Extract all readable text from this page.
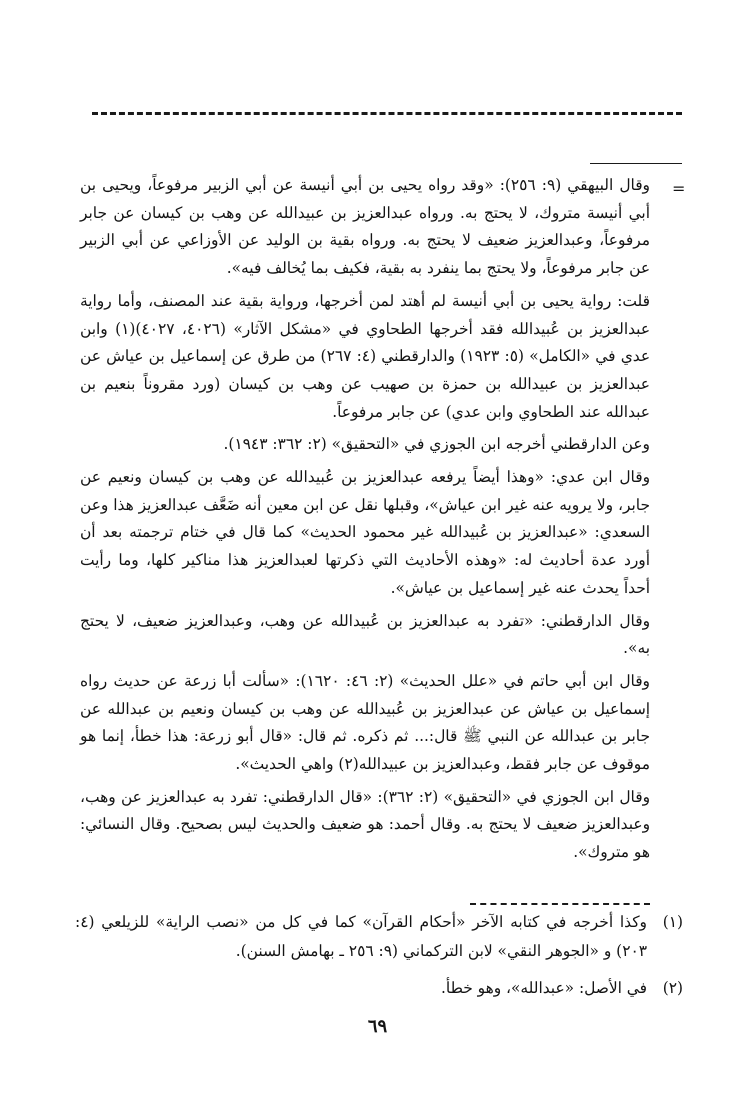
=

وقال البيهقي (٩: ٢٥٦): «وقد رواه يحيى بن أبي أنيسة عن أبي الزبير مرفوعاً، ويحيى بن أبي أنيسة متروك، لا يحتج به. ورواه عبدالعزيز بن عبيدالله عن وهب بن كيسان عن جابر مرفوعاً، وعبدالعزيز ضعيف لا يحتج به. ورواه بقية بن الوليد عن الأوزاعي عن أبي الزبير عن جابر مرفوعاً، ولا يحتج بما ينفرد به بقية، فكيف بما يُخالف فيه».

قلت: رواية يحيى بن أبي أنيسة لم أهتد لمن أخرجها، ورواية بقية عند المصنف، وأما رواية عبدالعزيز بن عُبيدالله فقد أخرجها الطحاوي في «مشكل الآثار» (٤٠٢٦، ٤٠٢٧)(١) وابن عدي في «الكامل» (٥: ١٩٢٣) والدارقطني (٤: ٢٦٧) من طرق عن إسماعيل بن عياش عن عبدالعزيز بن عبيدالله بن حمزة بن صهيب عن وهب بن كيسان (ورد مقروناً بنعيم بن عبدالله عند الطحاوي وابن عدي) عن جابر مرفوعاً.

وعن الدارقطني أخرجه ابن الجوزي في «التحقيق» (٢: ٣٦٢: ١٩٤٣).

وقال ابن عدي: «وهذا أيضاً يرفعه عبدالعزيز بن عُبيدالله عن وهب بن كيسان ونعيم عن جابر، ولا يرويه عنه غير ابن عياش»، وقبلها نقل عن ابن معين أنه ضَعَّف عبدالعزيز هذا وعن السعدي: «عبدالعزيز بن عُبيدالله غير محمود الحديث» كما قال في ختام ترجمته بعد أن أورد عدة أحاديث له: «وهذه الأحاديث التي ذكرتها لعبدالعزيز هذا مناكير كلها، وما رأيت أحداً يحدث عنه غير إسماعيل بن عياش».

وقال الدارقطني: «تفرد به عبدالعزيز بن عُبيدالله عن وهب، وعبدالعزيز ضعيف، لا يحتج به».

وقال ابن أبي حاتم في «علل الحديث» (٢: ٤٦: ١٦٢٠): «سألت أبا زرعة عن حديث رواه إسماعيل بن عياش عن عبدالعزيز بن عُبيدالله عن وهب بن كيسان ونعيم بن عبدالله عن جابر بن عبدالله عن النبي ﷺ قال:... ثم ذكره. ثم قال: «قال أبو زرعة: هذا خطأ، إنما هو موقوف عن جابر فقط، وعبدالعزيز بن عبيدالله(٢) واهي الحديث».

وقال ابن الجوزي في «التحقيق» (٢: ٣٦٢): «قال الدارقطني: تفرد به عبدالعزيز عن وهب، وعبدالعزيز ضعيف لا يحتج به. وقال أحمد: هو ضعيف والحديث ليس بصحيح. وقال النسائي: هو متروك».

(١)
وكذا أخرجه في كتابه الآخر «أحكام القرآن» كما في كل من «نصب الراية» للزيلعي (٤: ٢٠٣) و «الجوهر النقي» لابن التركماني (٩: ٢٥٦ ـ بهامش السنن).
(٢)
في الأصل: «عبدالله»، وهو خطأ.
٦٩
